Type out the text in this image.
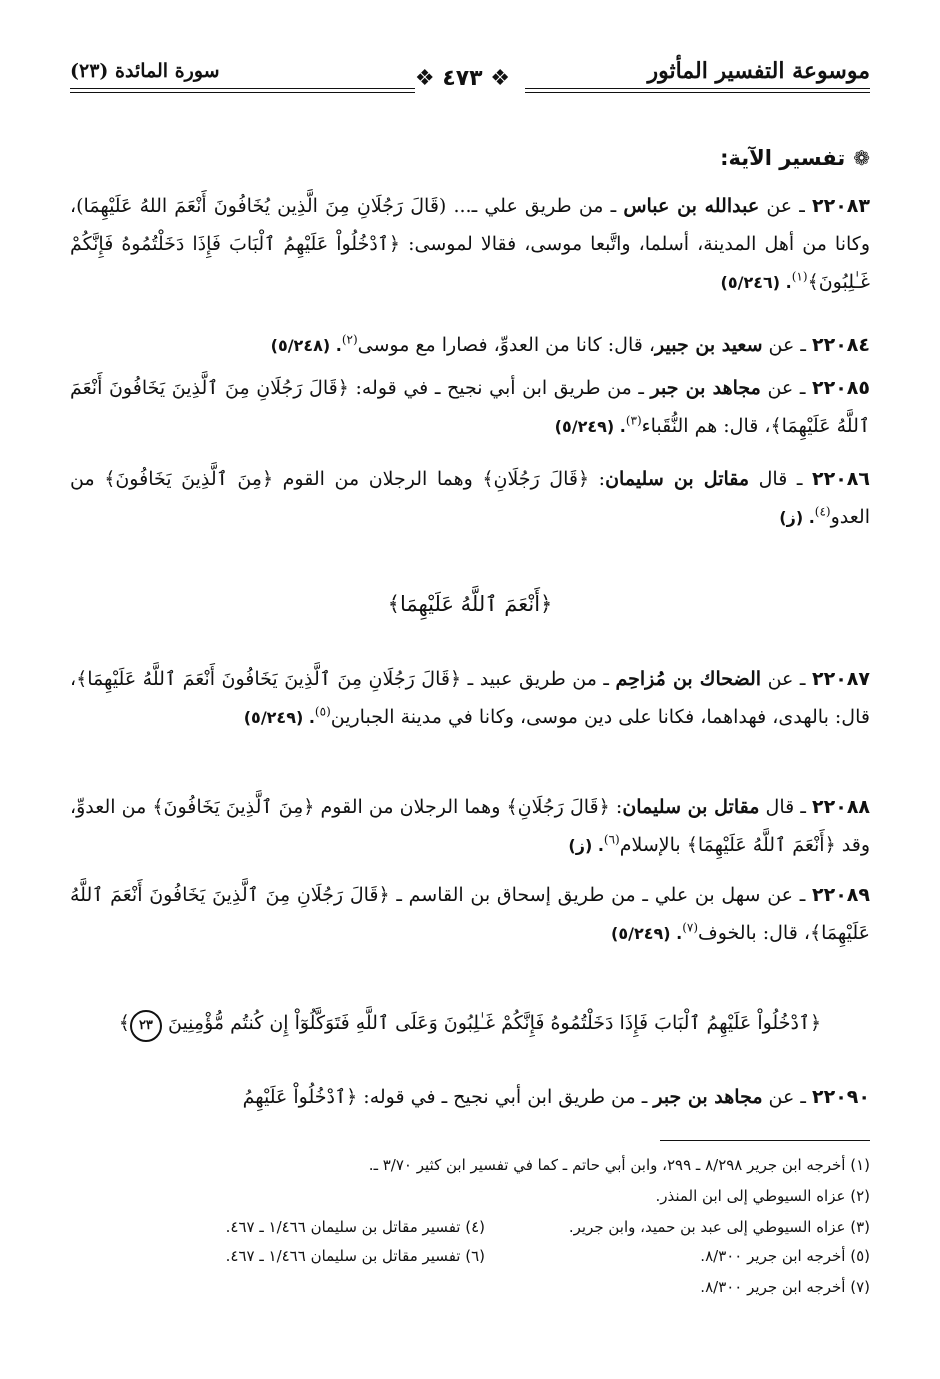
موسوعة التفسير المأثور
سورة المائدة (٢٣)	❖ ٤٧٣ ❖
❁تفسير الآية:
٢٢٠٨٣ ـ عن عبدالله بن عباس ـ من طريق علي ـ... (قَالَ رَجُلَانِ مِنَ الَّذِين يُخَافُونَ أَنْعَمَ اللهُ عَلَيْهِمَا)، وكانا من أهل المدينة، أسلما، واتَّبعا موسى، فقالا لموسى: ﴿ٱدْخُلُواْ عَلَيْهِمُ ٱلْبَابَ فَإِذَا دَخَلْتُمُوهُ فَإِنَّكُمْ غَـٰلِبُونَ﴾$^{(١)}$. (٥/٢٤٦)
٢٢٠٨٤ ـ عن سعيد بن جبير، قال: كانا من العدوِّ، فصارا مع موسى$^{(٢)}$. (٥/٢٤٨)
٢٢٠٨٥ ـ عن مجاهد بن جبر ـ من طريق ابن أبي نجيح ـ في قوله: ﴿قَالَ رَجُلَانِ مِنَ ٱلَّذِينَ يَخَافُونَ أَنْعَمَ ٱللَّهُ عَلَيْهِمَا﴾، قال: هم النُّقَباء$^{(٣)}$. (٥/٢٤٩)
٢٢٠٨٦ ـ قال مقاتل بن سليمان: ﴿قَالَ رَجُلَانِ﴾ وهما الرجلان من القوم ﴿مِنَ ٱلَّذِينَ يَخَافُونَ﴾ من العدو$^{(٤)}$. (ز)
﴿أَنْعَمَ ٱللَّهُ عَلَيْهِمَا﴾
٢٢٠٨٧ ـ عن الضحاك بن مُزاحِم ـ من طريق عبيد ـ ﴿قَالَ رَجُلَانِ مِنَ ٱلَّذِينَ يَخَافُونَ أَنْعَمَ ٱللَّهُ عَلَيْهِمَا﴾، قال: بالهدى، فهداهما، فكانا على دين موسى، وكانا في مدينة الجبارين$^{(٥)}$. (٥/٢٤٩)
٢٢٠٨٨ ـ قال مقاتل بن سليمان: ﴿قَالَ رَجُلَانِ﴾ وهما الرجلان من القوم ﴿مِنَ ٱلَّذِينَ يَخَافُونَ﴾ من العدوِّ، وقد ﴿أَنْعَمَ ٱللَّهُ عَلَيْهِمَا﴾ بالإسلام$^{(٦)}$. (ز)
٢٢٠٨٩ ـ عن سهل بن علي ـ من طريق إسحاق بن القاسم ـ ﴿قَالَ رَجُلَانِ مِنَ ٱلَّذِينَ يَخَافُونَ أَنْعَمَ ٱللَّهُ عَلَيْهِمَا﴾، قال: بالخوف$^{(٧)}$. (٥/٢٤٩)
﴿ٱدْخُلُواْ عَلَيْهِمُ ٱلْبَابَ فَإِذَا دَخَلْتُمُوهُ فَإِنَّكُمْ غَـٰلِبُونَ وَعَلَى ٱللَّهِ فَتَوَكَّلُوٓاْ إِن كُنتُم مُّؤْمِنِينَ ٢٣﴾
٢٢٠٩٠ ـ عن مجاهد بن جبر ـ من طريق ابن أبي نجيح ـ في قوله: ﴿ٱدْخُلُواْ عَلَيْهِمُ
(١) أخرجه ابن جرير ٨/٢٩٨ ـ ٢٩٩، وابن أبي حاتم ـ كما في تفسير ابن كثير ٣/٧٠ ـ.
(٢) عزاه السيوطي إلى ابن المنذر.
(٣) عزاه السيوطي إلى عبد بن حميد، وابن جرير.
(٤) تفسير مقاتل بن سليمان ١/٤٦٦ ـ ٤٦٧.
(٥) أخرجه ابن جرير ٨/٣٠٠.
(٦) تفسير مقاتل بن سليمان ١/٤٦٦ ـ ٤٦٧.
(٧) أخرجه ابن جرير ٨/٣٠٠.
